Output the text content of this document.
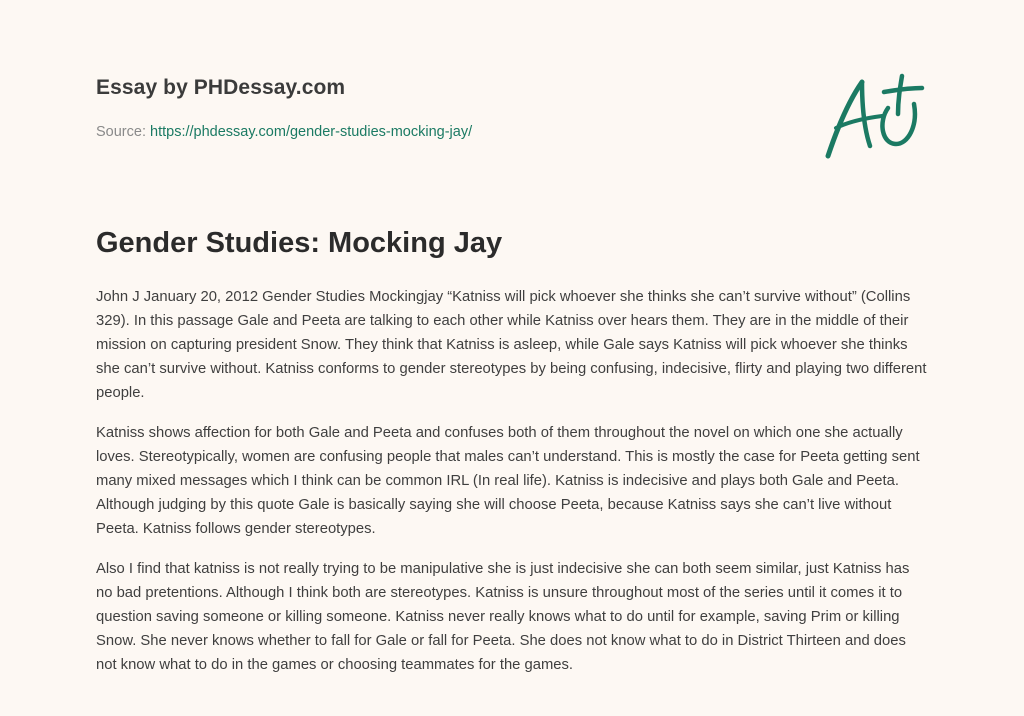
Essay by PHDessay.com
Source: https://phdessay.com/gender-studies-mocking-jay/
Gender Studies: Mocking Jay

John J January 20, 2012 Gender Studies Mockingjay “Katniss will pick whoever she thinks she can’t survive without” (Collins 329). In this passage Gale and Peeta are talking to each other while Katniss over hears them. They are in the middle of their mission on capturing president Snow. They think that Katniss is asleep, while Gale says Katniss will pick whoever she thinks she can’t survive without. Katniss conforms to gender stereotypes by being confusing, indecisive, flirty and playing two different people.

Katniss shows affection for both Gale and Peeta and confuses both of them throughout the novel on which one she actually loves. Stereotypically, women are confusing people that males can’t understand. This is mostly the case for Peeta getting sent many mixed messages which I think can be common IRL (In real life). Katniss is indecisive and plays both Gale and Peeta. Although judging by this quote Gale is basically saying she will choose Peeta, because Katniss says she can’t live without Peeta. Katniss follows gender stereotypes.

Also I find that katniss is not really trying to be manipulative she is just indecisive she can both seem similar, just Katniss has no bad pretentions. Although I think both are stereotypes. Katniss is unsure throughout most of the series until it comes it to question saving someone or killing someone. Katniss never really knows what to do until for example, saving Prim or killing Snow. She never knows whether to fall for Gale or fall for Peeta. She does not know what to do in District Thirteen and does not know what to do in the games or choosing teammates for the games.
